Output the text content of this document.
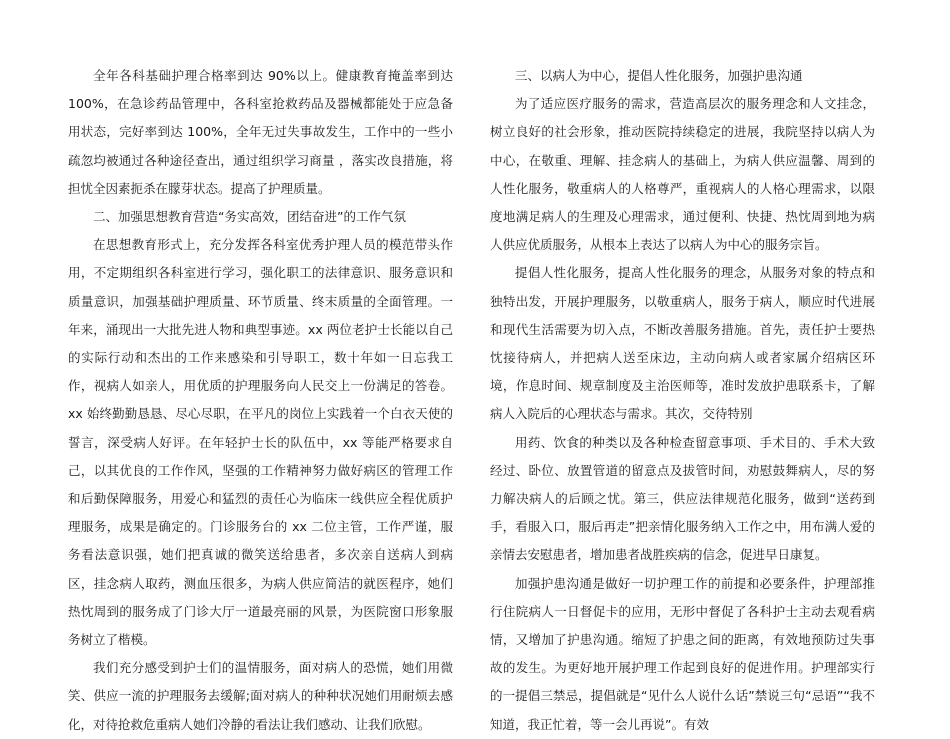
全年各科基础护理合格率到达 90%以上。健康教育掩盖率到达 100%，在急诊药品管理中，各科室抢救药品及器械都能处于应急备用状态，完好率到达 100%，全年无过失事故发生，工作中的一些小疏忽均被通过各种途径查出，通过组织学习商量 ，落实改良措施，将担忧全因素扼杀在朦芽状态。提高了护理质量。

二、加强思想教育营造“务实高效，团结奋进”的工作气氛

在思想教育形式上，充分发挥各科室优秀护理人员的模范带头作用，不定期组织各科室进行学习，强化职工的法律意识、服务意识和质量意识，加强基础护理质量、环节质量、终末质量的全面管理。一年来，涌现出一大批先进人物和典型事迹。xx 两位老护士长能以自己的实际行动和杰出的工作来感染和引导职工，数十年如一日忘我工作，视病人如亲人，用优质的护理服务向人民交上一份满足的答卷。xx 始终勤勤恳恳、尽心尽职，在平凡的岗位上实践着一个白衣天使的誓言，深受病人好评。在年轻护士长的队伍中，xx 等能严格要求自己，以其优良的工作作风，坚强的工作精神努力做好病区的管理工作和后勤保障服务，用爱心和猛烈的责任心为临床一线供应全程优质护理服务，成果是确定的。门诊服务台的 xx 二位主管，工作严谨，服务看法意识强，她们把真诚的微笑送给患者，多次亲自送病人到病区，挂念病人取药，测血压很多，为病人供应简洁的就医程序，她们热忱周到的服务成了门诊大厅一道最亮丽的风景，为医院窗口形象服务树立了楷模。

我们充分感受到护士们的温情服务，面对病人的恐慌，她们用微笑、供应一流的护理服务去缓解;面对病人的种种状况她们用耐烦去感化，对待抢救危重病人她们冷静的看法让我们感动、让我们欣慰。

三、以病人为中心，提倡人性化服务，加强护患沟通

为了适应医疗服务的需求，营造高层次的服务理念和人文挂念，树立良好的社会形象，推动医院持续稳定的进展，我院坚持以病人为中心，在敬重、理解、挂念病人的基础上，为病人供应温馨、周到的人性化服务，敬重病人的人格尊严，重视病人的人格心理需求，以限度地满足病人的生理及心理需求，通过便利、快捷、热忱周到地为病人供应优质服务，从根本上表达了以病人为中心的服务宗旨。

提倡人性化服务，提高人性化服务的理念，从服务对象的特点和独特出发，开展护理服务，以敬重病人，服务于病人，顺应时代进展和现代生活需要为切入点，不断改善服务措施。首先，责任护士要热忱接待病人，并把病人送至床边，主动向病人或者家属介绍病区环境，作息时间、规章制度及主治医师等，准时发放护患联系卡，了解病人入院后的心理状态与需求。其次，交待特别

用药、饮食的种类以及各种检查留意事项、手术目的、手术大致经过、卧位、放置管道的留意点及拔管时间，劝慰鼓舞病人，尽的努力解决病人的后顾之忧。第三，供应法律规范化服务，做到“送药到手，看服入口，服后再走”把亲情化服务纳入工作之中，用布满人爱的亲情去安慰患者，增加患者战胜疾病的信念，促进早日康复。

加强护患沟通是做好一切护理工作的前提和必要条件，护理部推行住院病人一日督促卡的应用，无形中督促了各科护士主动去观看病情，又增加了护患沟通。缩短了护患之间的距离，有效地预防过失事故的发生。为更好地开展护理工作起到良好的促进作用。护理部实行的一提倡三禁忌，提倡就是“见什么人说什么话”禁说三句“忌语”“我不知道，我正忙着，等一会儿再说”。有效
